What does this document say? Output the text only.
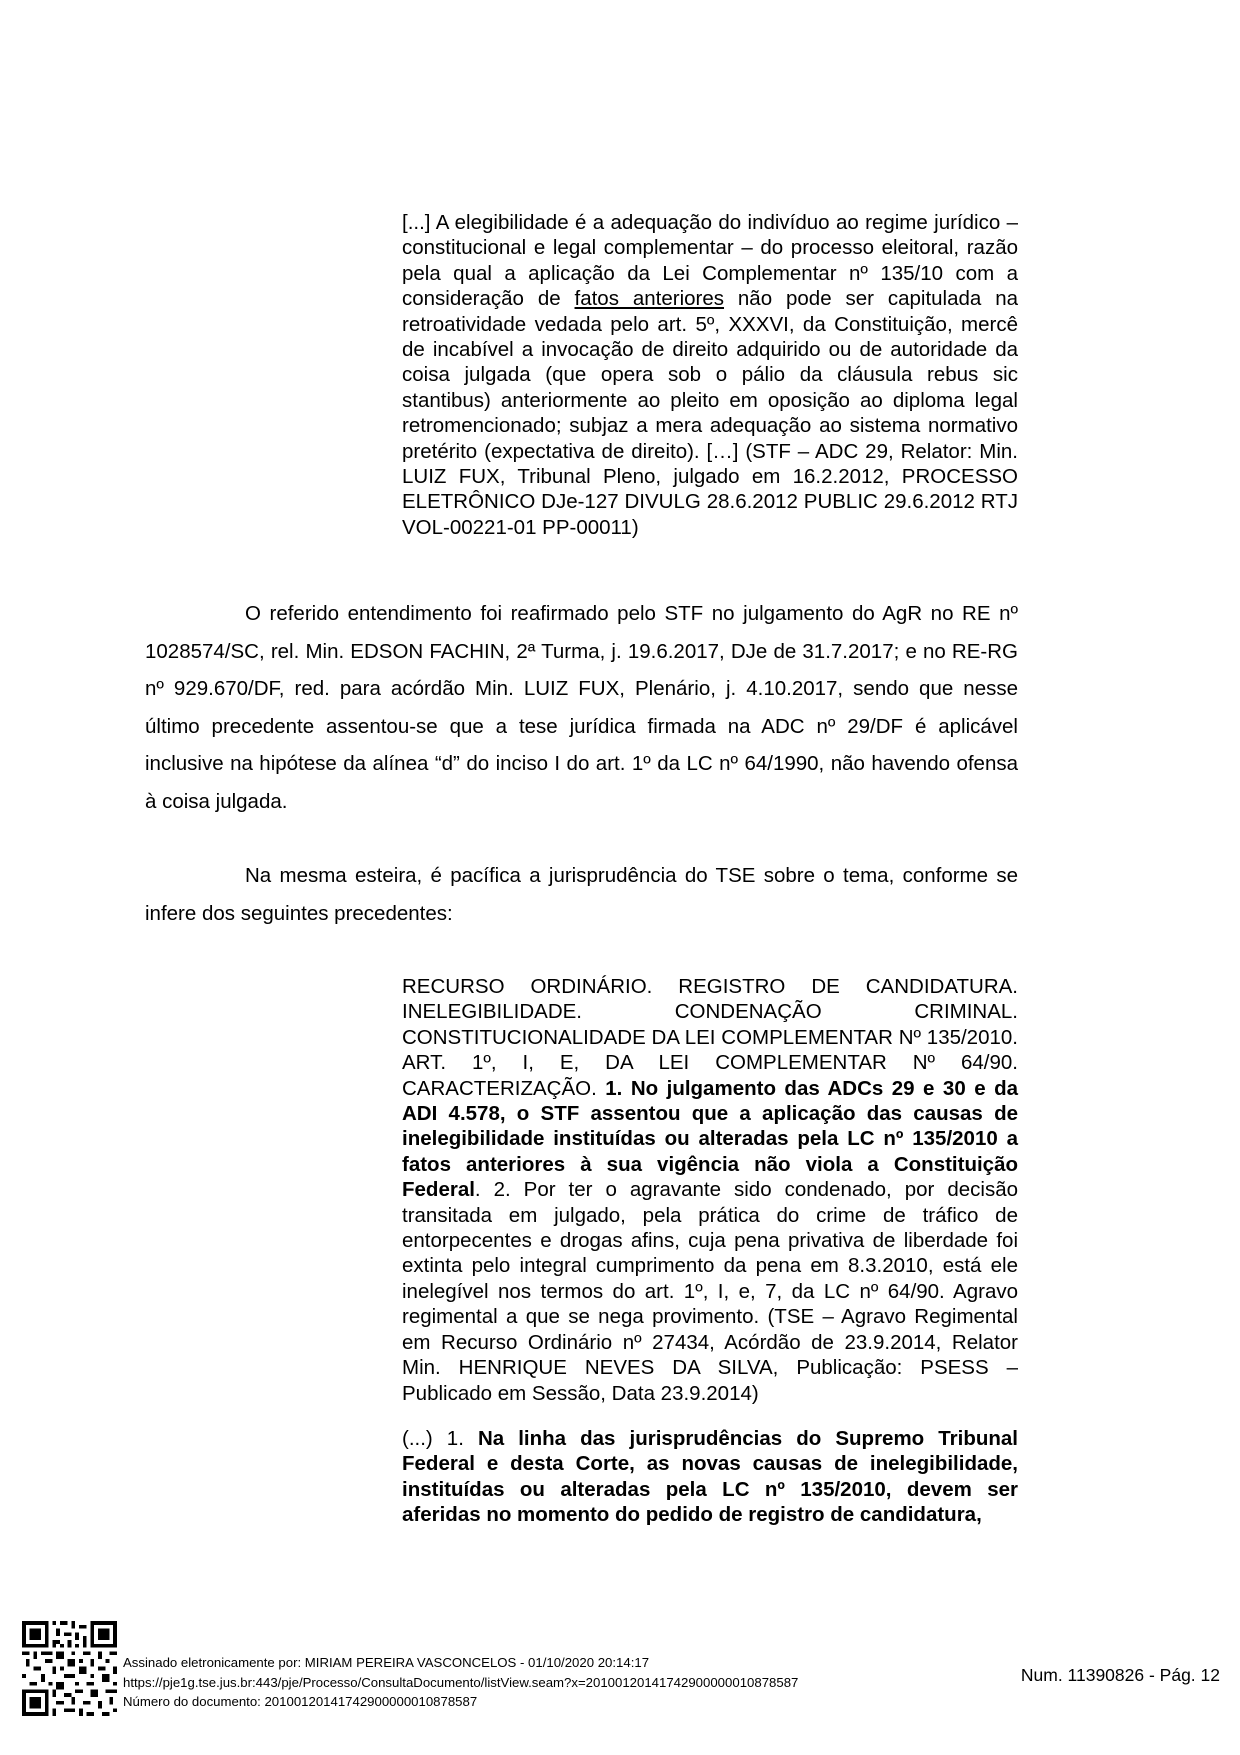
[...] A elegibilidade é a adequação do indivíduo ao regime jurídico – constitucional e legal complementar – do processo eleitoral, razão pela qual a aplicação da Lei Complementar nº 135/10 com a consideração de fatos anteriores não pode ser capitulada na retroatividade vedada pelo art. 5º, XXXVI, da Constituição, mercê de incabível a invocação de direito adquirido ou de autoridade da coisa julgada (que opera sob o pálio da cláusula rebus sic stantibus) anteriormente ao pleito em oposição ao diploma legal retromencionado; subjaz a mera adequação ao sistema normativo pretérito (expectativa de direito). […] (STF – ADC 29, Relator: Min. LUIZ FUX, Tribunal Pleno, julgado em 16.2.2012, PROCESSO ELETRÔNICO DJe-127 DIVULG 28.6.2012 PUBLIC 29.6.2012 RTJ VOL-00221-01 PP-00011)
O referido entendimento foi reafirmado pelo STF no julgamento do AgR no RE nº 1028574/SC, rel. Min. EDSON FACHIN, 2ª Turma, j. 19.6.2017, DJe de 31.7.2017; e no RE-RG nº 929.670/DF, red. para acórdão Min. LUIZ FUX, Plenário, j. 4.10.2017, sendo que nesse último precedente assentou-se que a tese jurídica firmada na ADC nº 29/DF é aplicável inclusive na hipótese da alínea “d” do inciso I do art. 1º da LC nº 64/1990, não havendo ofensa à coisa julgada.
Na mesma esteira, é pacífica a jurisprudência do TSE sobre o tema, conforme se infere dos seguintes precedentes:
RECURSO ORDINÁRIO. REGISTRO DE CANDIDATURA. INELEGIBILIDADE. CONDENAÇÃO CRIMINAL. CONSTITUCIONALIDADE DA LEI COMPLEMENTAR Nº 135/2010. ART. 1º, I, E, DA LEI COMPLEMENTAR Nº 64/90. CARACTERIZAÇÃO. 1. No julgamento das ADCs 29 e 30 e da ADI 4.578, o STF assentou que a aplicação das causas de inelegibilidade instituídas ou alteradas pela LC nº 135/2010 a fatos anteriores à sua vigência não viola a Constituição Federal. 2. Por ter o agravante sido condenado, por decisão transitada em julgado, pela prática do crime de tráfico de entorpecentes e drogas afins, cuja pena privativa de liberdade foi extinta pelo integral cumprimento da pena em 8.3.2010, está ele inelegível nos termos do art. 1º, I, e, 7, da LC nº 64/90. Agravo regimental a que se nega provimento. (TSE – Agravo Regimental em Recurso Ordinário nº 27434, Acórdão de 23.9.2014, Relator Min. HENRIQUE NEVES DA SILVA, Publicação: PSESS – Publicado em Sessão, Data 23.9.2014)
(...) 1. Na linha das jurisprudências do Supremo Tribunal Federal e desta Corte, as novas causas de inelegibilidade, instituídas ou alteradas pela LC nº 135/2010, devem ser aferidas no momento do pedido de registro de candidatura,
Assinado eletronicamente por: MIRIAM PEREIRA VASCONCELOS - 01/10/2020 20:14:17
https://pje1g.tse.jus.br:443/pje/Processo/ConsultaDocumento/listView.seam?x=20100120141742900000010878587
Número do documento: 20100120141742900000010878587
Num. 11390826 - Pág. 12
